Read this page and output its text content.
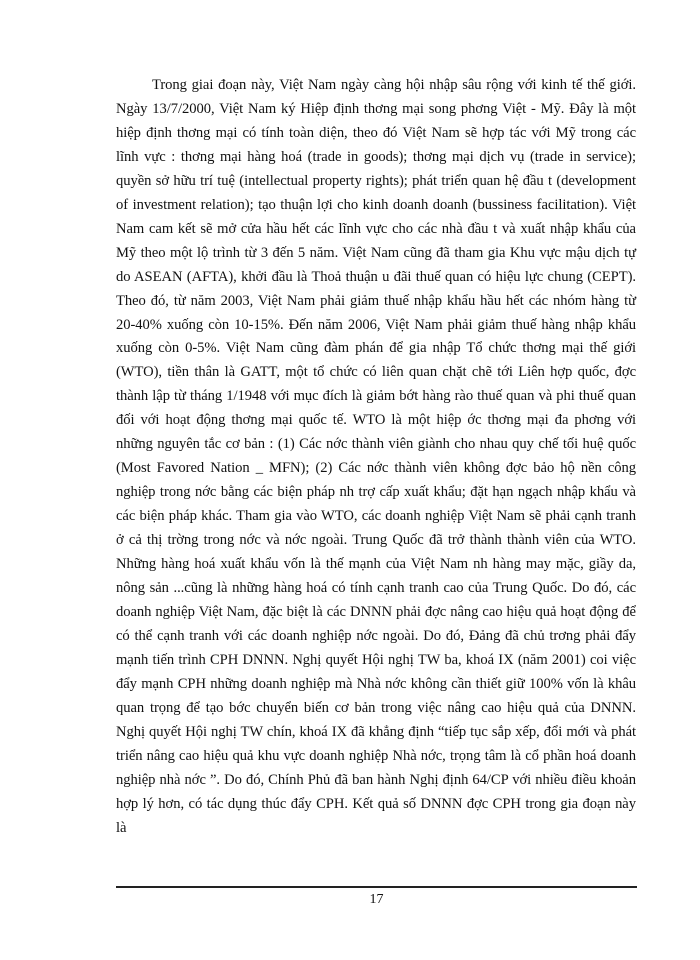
Trong giai đoạn này, Việt Nam ngày càng hội nhập sâu rộng với kinh tế thế giới. Ngày 13/7/2000, Việt Nam ký Hiệp định thơng mại song phơng Việt - Mỹ. Đây là một hiệp định thơng mại có tính toàn diện, theo đó Việt Nam sẽ hợp tác với Mỹ trong các lĩnh vực : thơng mại hàng hoá (trade in goods); thơng mại dịch vụ (trade in service); quyền sở hữu trí tuệ (intellectual property rights); phát triển quan hệ đầu t (development of investment relation); tạo thuận lợi cho kinh doanh doanh (bussiness facilitation). Việt Nam cam kết sẽ mở cửa hầu hết các lĩnh vực cho các nhà đầu t và xuất nhập khẩu của Mỹ theo một lộ trình từ 3 đến 5 năm. Việt Nam cũng đã tham gia Khu vực mậu dịch tự do ASEAN (AFTA), khởi đầu là Thoả thuận u đãi thuế quan có hiệu lực chung (CEPT). Theo đó, từ năm 2003, Việt Nam phải giảm thuế nhập khẩu hầu hết các nhóm hàng từ 20-40% xuống còn 10-15%. Đến năm 2006, Việt Nam phải giảm thuế hàng nhập khẩu xuống còn 0-5%. Việt Nam cũng đàm phán để gia nhập Tổ chức thơng mại thế giới (WTO), tiền thân là GATT, một tổ chức có liên quan chặt chẽ tới Liên hợp quốc, đợc thành lập từ tháng 1/1948 với mục đích là giảm bớt hàng rào thuế quan và phi thuế quan đối với hoạt động thơng mại quốc tế. WTO là một hiệp ớc thơng mại đa phơng với những nguyên tắc cơ bản : (1) Các nớc thành viên giành cho nhau quy chế tối huệ quốc (Most Favored Nation _ MFN); (2) Các nớc thành viên không đợc bảo hộ nền công nghiệp trong nớc bằng các biện pháp nh trợ cấp xuất khẩu; đặt hạn ngạch nhập khẩu và các biện pháp khác. Tham gia vào WTO, các doanh nghiệp Việt Nam sẽ phải cạnh tranh ở cả thị trờng trong nớc và nớc ngoài. Trung Quốc đã trở thành thành viên của WTO. Những hàng hoá xuất khẩu vốn là thế mạnh của Việt Nam nh hàng may mặc, giầy da, nông sản ...cũng là những hàng hoá có tính cạnh tranh cao của Trung Quốc. Do đó, các doanh nghiệp Việt Nam, đặc biệt là các DNNN phải đợc nâng cao hiệu quả hoạt động để có thể cạnh tranh với các doanh nghiệp nớc ngoài. Do đó, Đảng đã chủ trơng phải đẩy mạnh tiến trình CPH DNNN. Nghị quyết Hội nghị TW ba, khoá IX (năm 2001) coi việc đẩy mạnh CPH những doanh nghiệp mà Nhà nớc không cần thiết giữ 100% vốn là khâu quan trọng để tạo bớc chuyển biến cơ bản trong việc nâng cao hiệu quả của DNNN. Nghị quyết Hội nghị TW chín, khoá IX đã khẳng định “tiếp tục sắp xếp, đổi mới và phát triển nâng cao hiệu quả khu vực doanh nghiệp Nhà nớc, trọng tâm là cổ phần hoá doanh nghiệp nhà nớc ”. Do đó, Chính Phủ đã ban hành Nghị định 64/CP với nhiều điều khoản hợp lý hơn, có tác dụng thúc đẩy CPH. Kết quả số DNNN đợc CPH trong gia đoạn này là

17
